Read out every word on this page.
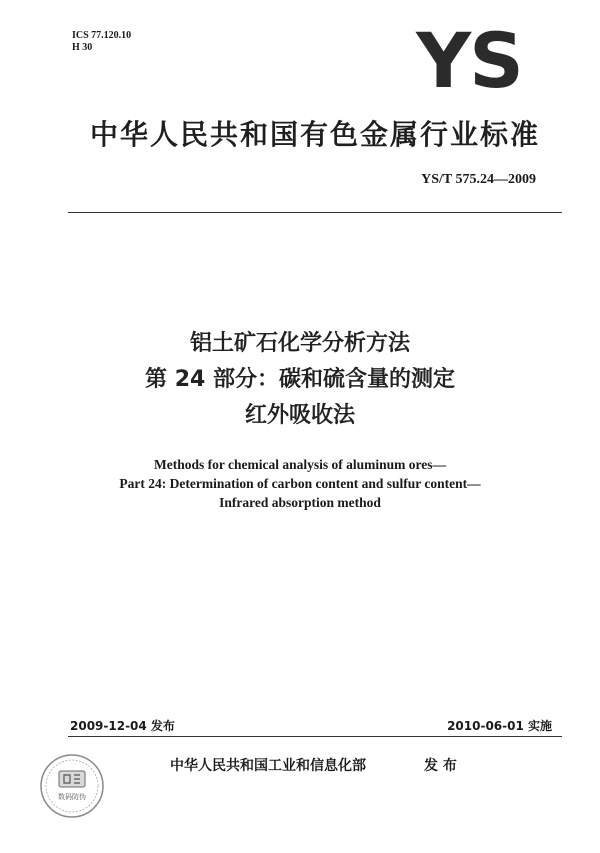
ICS 77.120.10
H 30	YS
中华人民共和国有色金属行业标准
YS/T 575.24—2009
铝土矿石化学分析方法
第 24 部分：碳和硫含量的测定
红外吸收法
Methods for chemical analysis of aluminum ores—
Part 24: Determination of carbon content and sulfur content—
Infrared absorption method
2009-12-04 发布	2010-06-01 实施
数码防伪
中华人民共和国工业和信息化部	发 布
